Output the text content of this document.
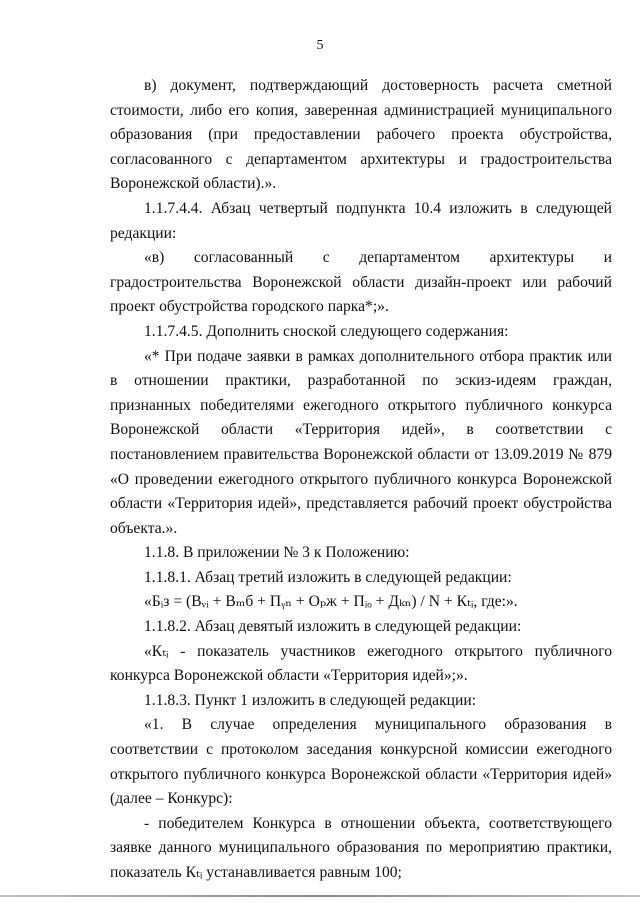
5

в) документ, подтверждающий достоверность расчета сметной стоимости, либо его копия, заверенная администрацией муниципального образования (при предоставлении рабочего проекта обустройства, согласованного с департаментом архитектуры и градостроительства Воронежской области).».

1.1.7.4.4. Абзац четвертый подпункта 10.4 изложить в следующей редакции:

«в) согласованный с департаментом архитектуры и градостроительства Воронежской области дизайн-проект или рабочий проект обустройства городского парка*;».

1.1.7.4.5. Дополнить сноской следующего содержания:

«* При подаче заявки в рамках дополнительного отбора практик или в отношении практики, разработанной по эскиз-идеям граждан, признанных победителями ежегодного открытого публичного конкурса Воронежской области «Территория идей», в соответствии с постановлением правительства Воронежской области от 13.09.2019 № 879 «О проведении ежегодного открытого публичного конкурса Воронежской области «Территория идей», представляется рабочий проект обустройства объекта.».

1.1.8. В приложении № 3 к Положению:

1.1.8.1. Абзац третий изложить в следующей редакции:

«Бᵢз = (Вᵥᵢ + Вₘб + Пᵧₙ + Оₚж + Пᵢₒ + Дₖₙ) / N + Кₜᵢ, где:».

1.1.8.2. Абзац девятый изложить в следующей редакции:

«Кₜᵢ - показатель участников ежегодного открытого публичного конкурса Воронежской области «Территория идей»;».

1.1.8.3. Пункт 1 изложить в следующей редакции:

«1. В случае определения муниципального образования в соответствии с протоколом заседания конкурсной комиссии ежегодного открытого публичного конкурса Воронежской области «Территория идей» (далее – Конкурс):

- победителем Конкурса в отношении объекта, соответствующего заявке данного муниципального образования по мероприятию практики, показатель Кₜᵢ устанавливается равным 100;
